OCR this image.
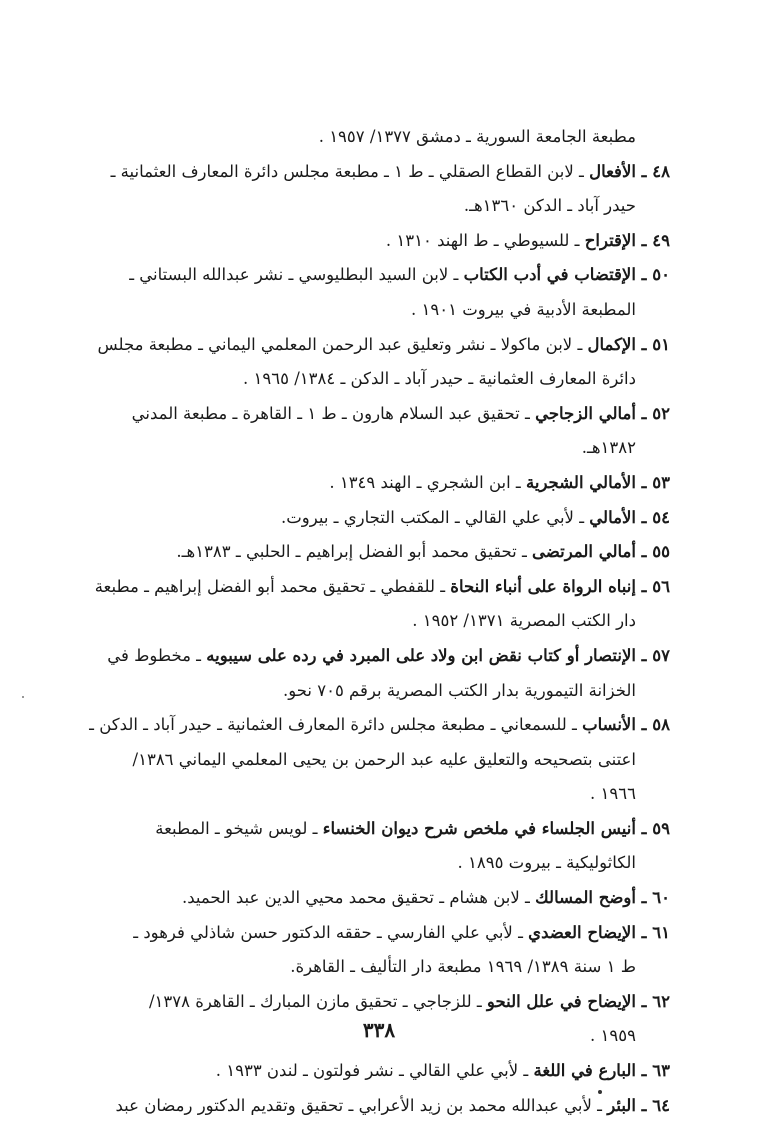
مطبعة الجامعة السورية ـ دمشق ١٣٧٧/ ١٩٥٧ .
٤٨ ـ الأفعال ـ لابن القطاع الصقلي ـ ط ١ ـ مطبعة مجلس دائرة المعارف العثمانية ـ
حيدر آباد ـ الدكن ١٣٦٠هـ.
٤٩ ـ الإقتراح ـ للسيوطي ـ ط الهند ١٣١٠ .
٥٠ ـ الإقتضاب في أدب الكتاب ـ لابن السيد البطليوسي ـ نشر عبدالله البستاني ـ
المطبعة الأدبية في بيروت ١٩٠١ .
٥١ ـ الإكمال ـ لابن ماكولا ـ نشر وتعليق عبد الرحمن المعلمي اليماني ـ مطبعة مجلس
دائرة المعارف العثمانية ـ حيدر آباد ـ الدكن ـ ١٣٨٤/ ١٩٦٥ .
٥٢ ـ أمالي الزجاجي ـ تحقيق عبد السلام هارون ـ ط ١ ـ القاهرة ـ مطبعة المدني
١٣٨٢هـ.
٥٣ ـ الأمالي الشجرية ـ ابن الشجري ـ الهند ١٣٤٩ .
٥٤ ـ الأمالي ـ لأبي علي القالي ـ المكتب التجاري ـ بيروت.
٥٥ ـ أمالي المرتضى ـ تحقيق محمد أبو الفضل إبراهيم ـ الحلبي ـ ١٣٨٣هـ.
٥٦ ـ إنباه الرواة على أنباء النحاة ـ للقفطي ـ تحقيق محمد أبو الفضل إبراهيم ـ مطبعة
دار الكتب المصرية ١٣٧١/ ١٩٥٢ .
٥٧ ـ الإنتصار أو كتاب نقض ابن ولاد على المبرد في رده على سيبويه ـ مخطوط في
الخزانة التيمورية بدار الكتب المصرية برقم ٧٠٥ نحو.
٥٨ ـ الأنساب ـ للسمعاني ـ مطبعة مجلس دائرة المعارف العثمانية ـ حيدر آباد ـ الدكن ـ
اعتنى بتصحيحه والتعليق عليه عبد الرحمن بن يحيى المعلمي اليماني ١٣٨٦/
١٩٦٦ .
٥٩ ـ أنيس الجلساء في ملخص شرح ديوان الخنساء ـ لويس شيخو ـ المطبعة
الكاثوليكية ـ بيروت ١٨٩٥ .
٦٠ ـ أوضح المسالك ـ لابن هشام ـ تحقيق محمد محيي الدين عبد الحميد.
٦١ ـ الإيضاح العضدي ـ لأبي علي الفارسي ـ حققه الدكتور حسن شاذلي فرهود ـ
ط ١ سنة ١٣٨٩/ ١٩٦٩ مطبعة دار التأليف ـ القاهرة.
٦٢ ـ الإيضاح في علل النحو ـ للزجاجي ـ تحقيق مازن المبارك ـ القاهرة ١٣٧٨/
١٩٥٩ .
٦٣ ـ البارع في اللغة ـ لأبي علي القالي ـ نشر فولتون ـ لندن ١٩٣٣ .
٦٤ ـ البئر ـ لأبي عبدالله محمد بن زيد الأعرابي ـ تحقيق وتقديم الدكتور رمضان عبد
٣٣٨
